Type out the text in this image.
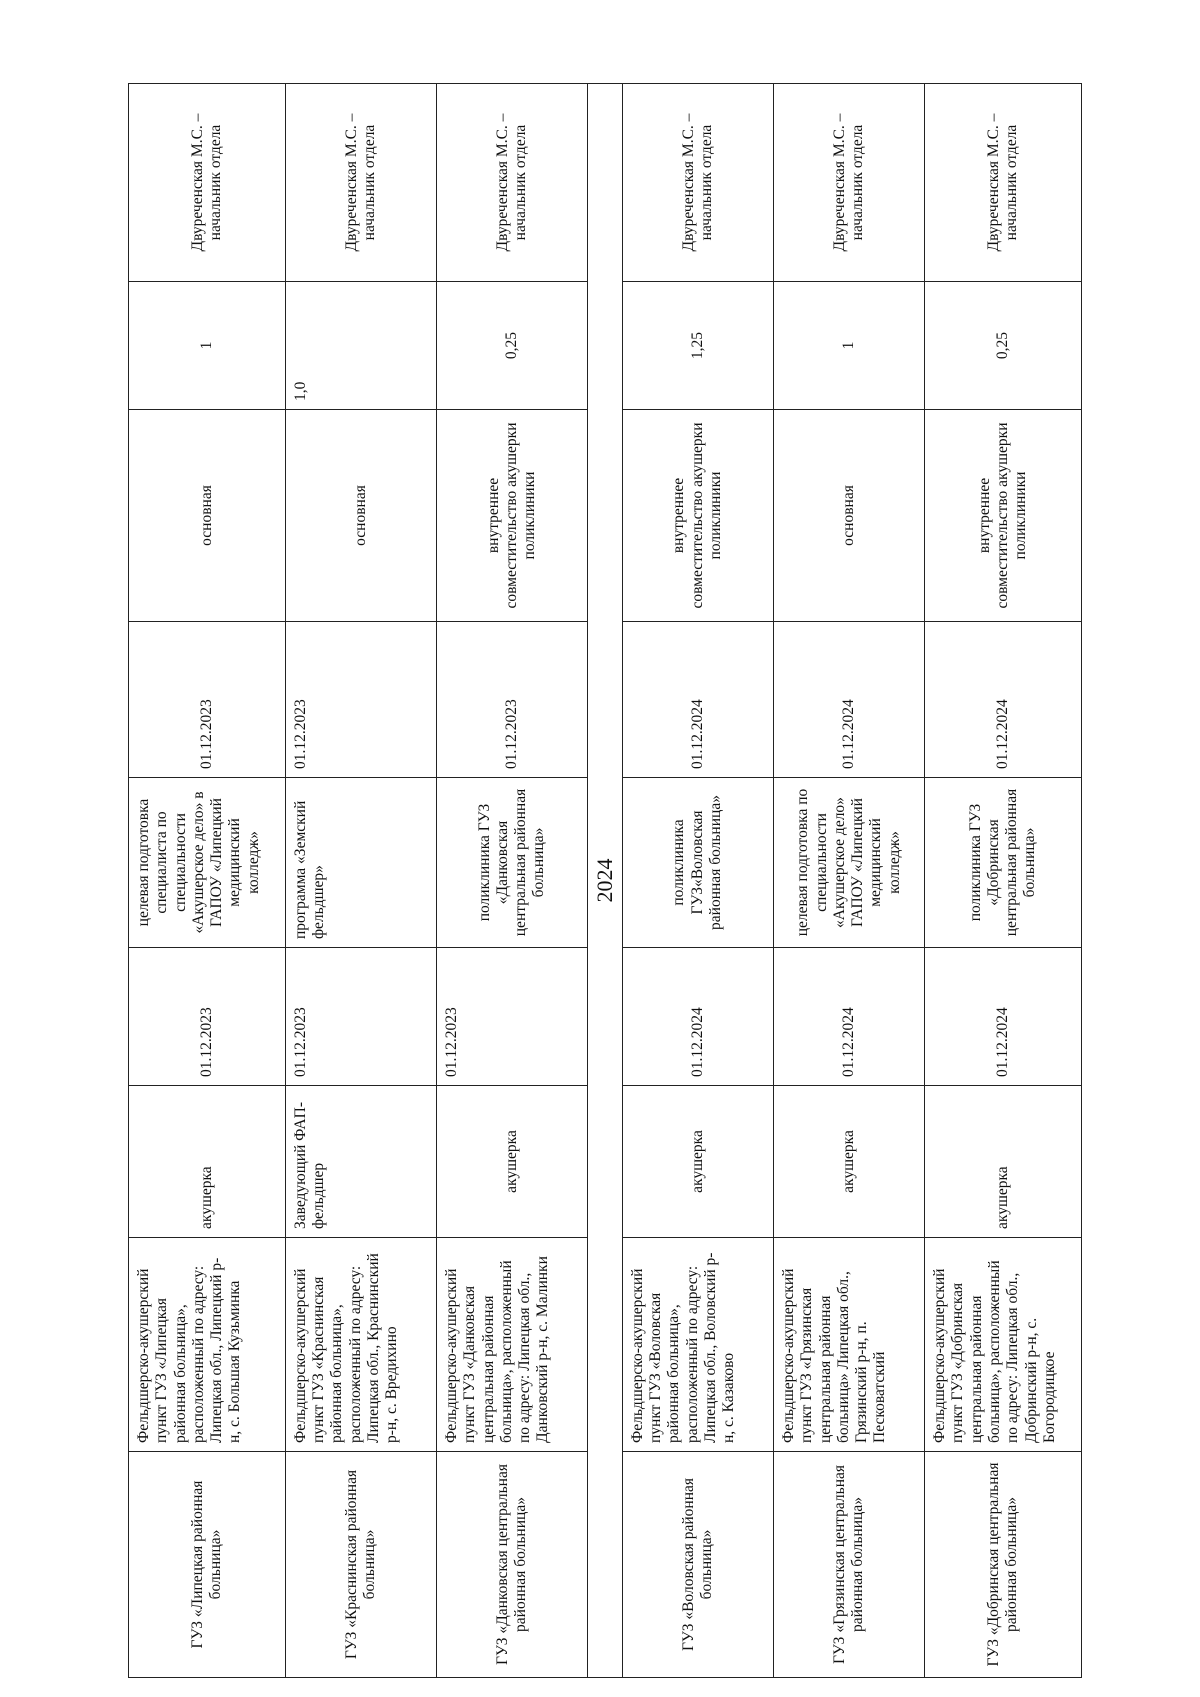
ГУЗ «Липецкая районная больница»	Фельдшерско-акушерский пункт ГУЗ «Липецкая районная больница», расположенный по адресу: Липецкая обл., Липецкий р-н, с. Большая Кузьминка	акушерка	01.12.2023	целевая подготовка специалиста по специальности «Акушерское дело» в ГАПОУ «Липецкий медицинский колледж»	01.12.2023	основная	1	Двуреченская М.С. – начальник отдела
ГУЗ «Краснинская районная больница»	Фельдшерско-акушерский пункт ГУЗ «Краснинская районная больница», расположенный по адресу: Липецкая обл., Краснинский р-н, с. Вредихино	Заведующий ФАП-фельдшер	01.12.2023	программа «Земский фельдшер»	01.12.2023	основная	1,0	Двуреченская М.С. – начальник отдела
ГУЗ «Данковская центральная районная больница»	Фельдшерско-акушерский пункт ГУЗ «Данковская центральная районная больница», расположенный по адресу: Липецкая обл., Данковский р-н, с. Малинки	акушерка	01.12.2023	поликлиника ГУЗ «Данковская центральная районная больница»	01.12.2023	внутреннее совместительство акушерки поликлиники	0,25	Двуреченская М.С. – начальник отдела
2024								
ГУЗ «Воловская районная больница»	Фельдшерско-акушерский пункт ГУЗ «Воловская районная больница», расположенный по адресу: Липецкая обл., Воловский р-н, с. Казаково	акушерка	01.12.2024	поликлиника ГУЗ«Воловская районная больница»	01.12.2024	внутреннее совместительство акушерки поликлиники	1,25	Двуреченская М.С. – начальник отдела
ГУЗ «Грязинская центральная районная больница»	Фельдшерско-акушерский пункт ГУЗ «Грязинская центральная районная больница» Липецкая обл., Грязинский р-н, п. Песковатский	акушерка	01.12.2024	целевая подготовка по специальности «Акушерское дело» ГАПОУ «Липецкий медицинский колледж»	01.12.2024	основная	1	Двуреченская М.С. – начальник отдела
ГУЗ «Добринская центральная районная больница»	Фельдшерско-акушерский пункт ГУЗ «Добринская центральная районная больница», расположенный по адресу: Липецкая обл., Добринский р-н, с. Богородицкое	акушерка	01.12.2024	поликлиника ГУЗ «Добринская центральная районная больница»	01.12.2024	внутреннее совместительство акушерки поликлиники	0,25	Двуреченская М.С. – начальник отдела
